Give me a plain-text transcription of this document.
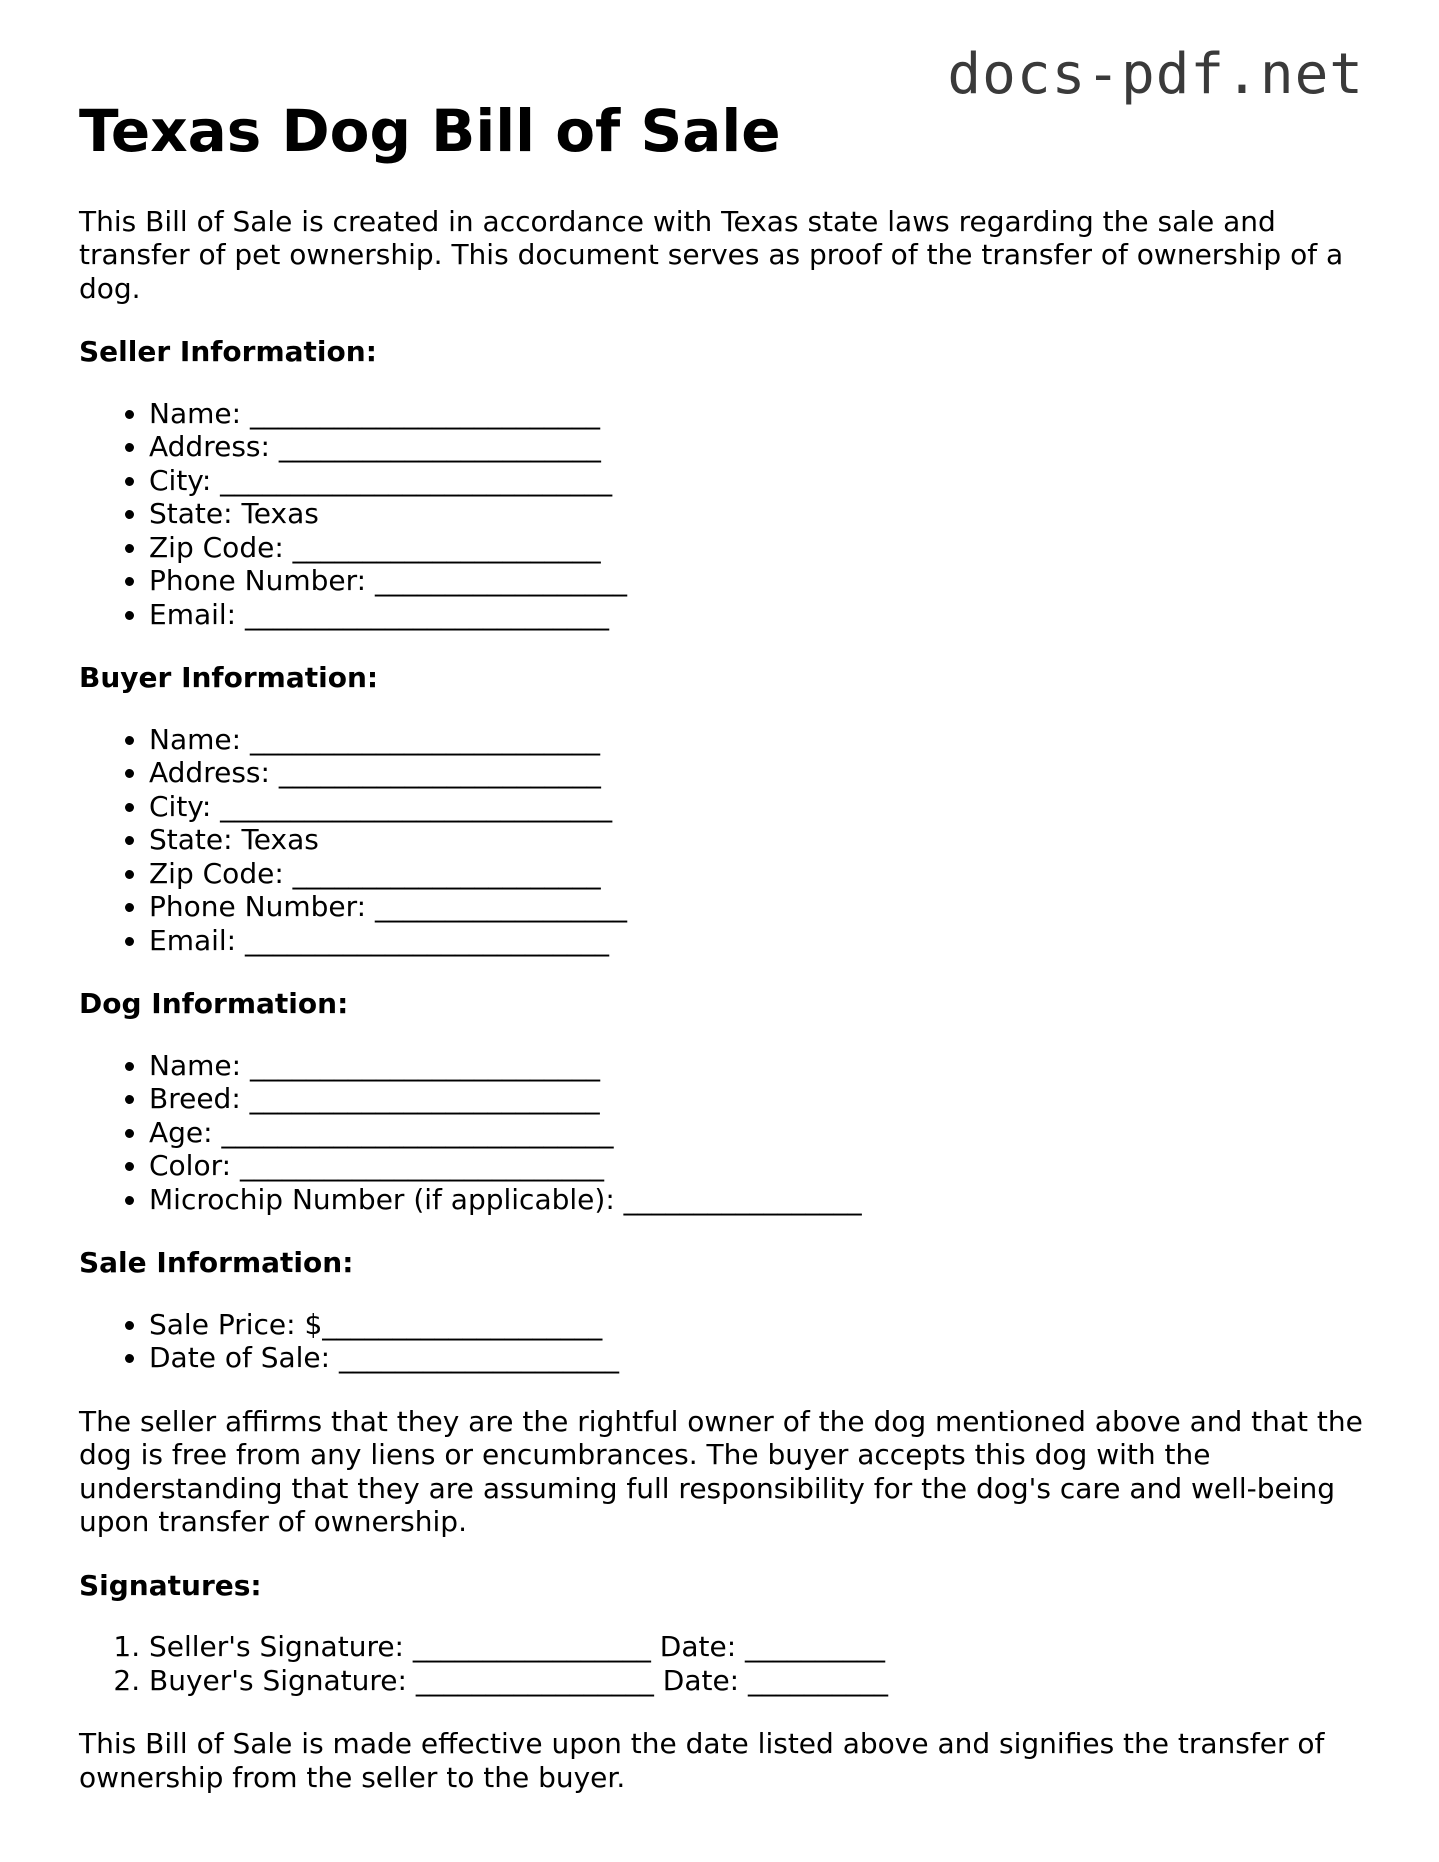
docs-pdf.net
Texas Dog Bill of Sale

This Bill of Sale is created in accordance with Texas state laws regarding the sale and transfer of pet ownership. This document serves as proof of the transfer of ownership of a dog.

Seller Information:
• Name: _________________________
• Address: _______________________
• City: ____________________________
• State: Texas
• Zip Code: ______________________
• Phone Number: __________________
• Email: __________________________
Buyer Information:
• Name: _________________________
• Address: _______________________
• City: ____________________________
• State: Texas
• Zip Code: ______________________
• Phone Number: __________________
• Email: __________________________
Dog Information:
• Name: _________________________
• Breed: _________________________
• Age: ____________________________
• Color: __________________________
• Microchip Number (if applicable): _________________
Sale Information:
• Sale Price: $____________________
• Date of Sale: ____________________

The seller affirms that they are the rightful owner of the dog mentioned above and that the dog is free from any liens or encumbrances. The buyer accepts this dog with the understanding that they are assuming full responsibility for the dog's care and well-being upon transfer of ownership.

Signatures:
1. Seller's Signature: _________________ Date: __________
2. Buyer's Signature: _________________ Date: __________

This Bill of Sale is made effective upon the date listed above and signifies the transfer of ownership from the seller to the buyer.
